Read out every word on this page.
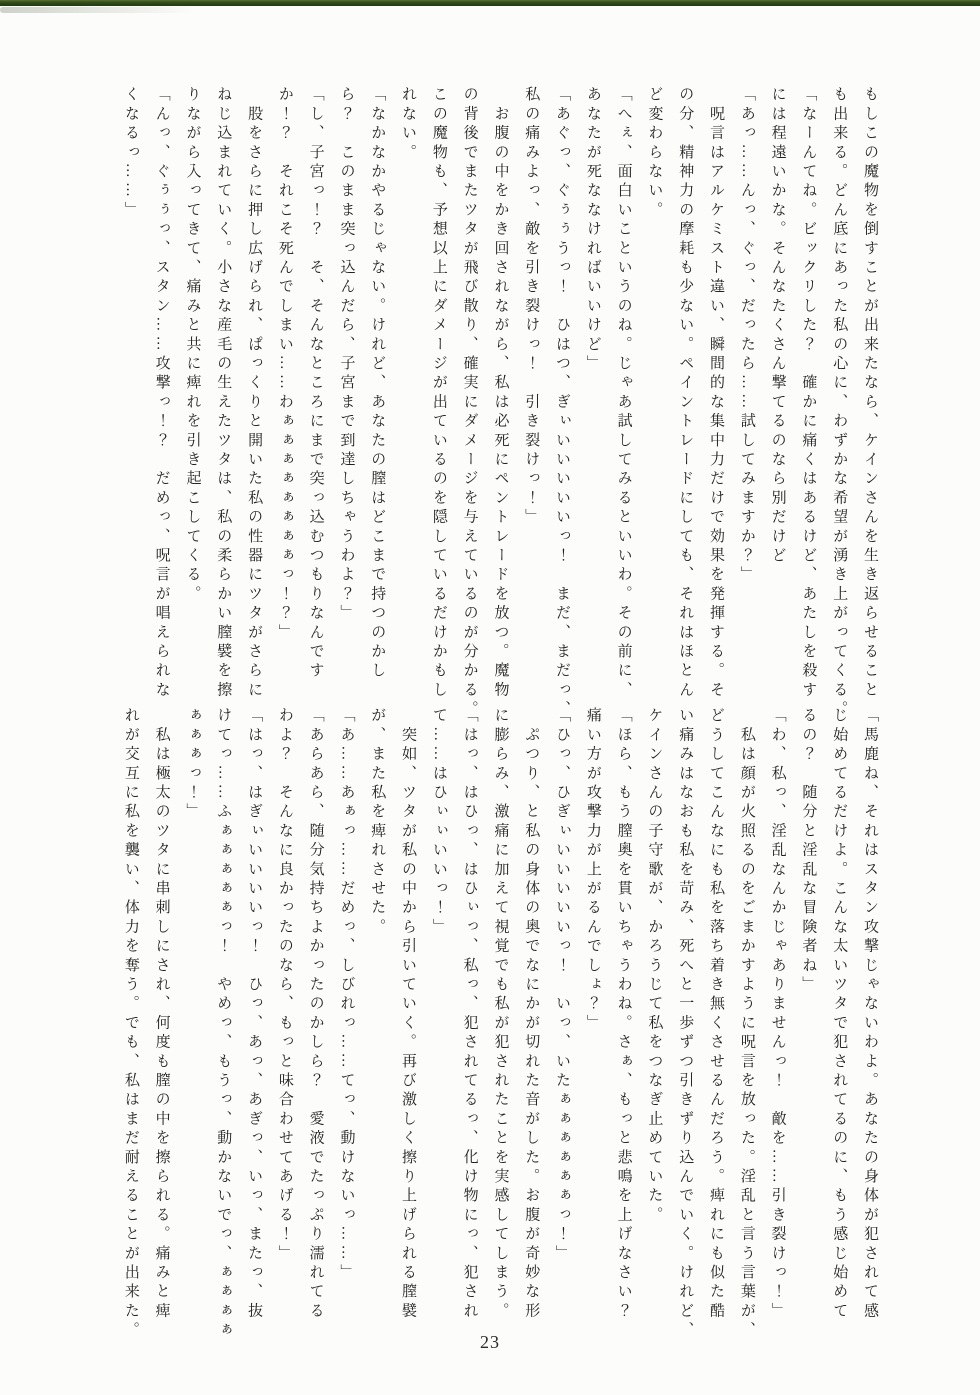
もしこの魔物を倒すことが出来たなら、ケインさんを生き返らせること

も出来る。どん底にあった私の心に、わずかな希望が湧き上がってくる。

「なーんてね。ビックリした？　確かに痛くはあるけど、あたしを殺す

には程遠いかな。そんなたくさん撃てるのなら別だけど

「あっ……んっ、ぐっ、だったら……試してみますか？」

　呪言はアルケミスト違い、瞬間的な集中力だけで効果を発揮する。そ

の分、精神力の摩耗も少ない。ペイントレードにしても、それはほとん

ど変わらない。

「へぇ、面白いこというのね。じゃあ試してみるといいわ。その前に、

あなたが死ななければいいけど」

「あぐっ、ぐぅぅうっ！　ひはつ、ぎぃいいいいいっ！　まだ、まだっ、

私の痛みよっ、敵を引き裂けっ！　引き裂けっ！」

　お腹の中をかき回されながら、私は必死にペントレードを放つ。魔物

の背後でまたツタが飛び散り、確実にダメージを与えているのが分かる。

この魔物も、予想以上にダメージが出ているのを隠しているだけかもし

れない。

「なかなかやるじゃない。けれど、あなたの膣はどこまで持つのかし

ら？　このまま突っ込んだら、子宮まで到達しちゃうわよ？」

「し、子宮っ！？　そ、そんなところにまで突っ込むつもりなんです

か！？　それこそ死んでしまい……わぁぁぁぁぁぁぁぁっ！？」

　股をさらに押し広げられ、ぱっくりと開いた私の性器にツタがさらに

ねじ込まれていく。小さな産毛の生えたツタは、私の柔らかい膣襞を擦

りながら入ってきて、痛みと共に痺れを引き起こしてくる。

「んっ、ぐぅぅっ、スタン……攻撃っ！？　だめっ、呪言が唱えられな

くなるっ……」

「馬鹿ね、それはスタン攻撃じゃないわよ。あなたの身体が犯されて感

じ始めてるだけよ。こんな太いツタで犯されてるのに、もう感じ始めて

るの？　随分と淫乱な冒険者ね」

「わ、私っ、淫乱なんかじゃありませんっ！　敵を……引き裂けっ！」

　私は顔が火照るのをごまかすように呪言を放った。淫乱と言う言葉が、

どうしてこんなにも私を落ち着き無くさせるんだろう。痺れにも似た酷

い痛みはなおも私を苛み、死へと一歩ずつ引きずり込んでいく。けれど、

ケインさんの子守歌が、かろうじて私をつなぎ止めていた。

「ほら、もう膣奥を貫いちゃうわね。さぁ、もっと悲鳴を上げなさい？

痛い方が攻撃力が上がるんでしょ？」

「ひっ、ひぎぃいいいいいっ！　いっ、いたぁぁぁぁぁぁっ！」

　ぷつり、と私の身体の奥でなにかが切れた音がした。お腹が奇妙な形

に膨らみ、激痛に加えて視覚でも私が犯されたことを実感してしまう。

「はっ、はひっ、はひぃっ、私っ、犯されてるっ、化け物にっ、犯され

て……はひぃぃいいっ！」

　突如、ツタが私の中から引いていく。再び激しく擦り上げられる膣襞

が、また私を痺れさせた。

「あ……あぁっ……だめっ、しびれっ……てっ、動けないっ……」

「あらあら、随分気持ちよかったのかしら？　愛液でたっぷり濡れてる

わよ？　そんなに良かったのなら、もっと味合わせてあげる！」

「はっ、はぎぃいいいいっ！　ひっ、あっ、あぎっ、いっ、またっ、抜

けてっ……ふぁぁぁぁぁっ！　やめっ、もうっ、動かないでっ、ぁぁぁぁ

ぁぁぁっ！」

　私は極太のツタに串刺しにされ、何度も膣の中を擦られる。痛みと痺

れが交互に私を襲い、体力を奪う。でも、私はまだ耐えることが出来た。

23
